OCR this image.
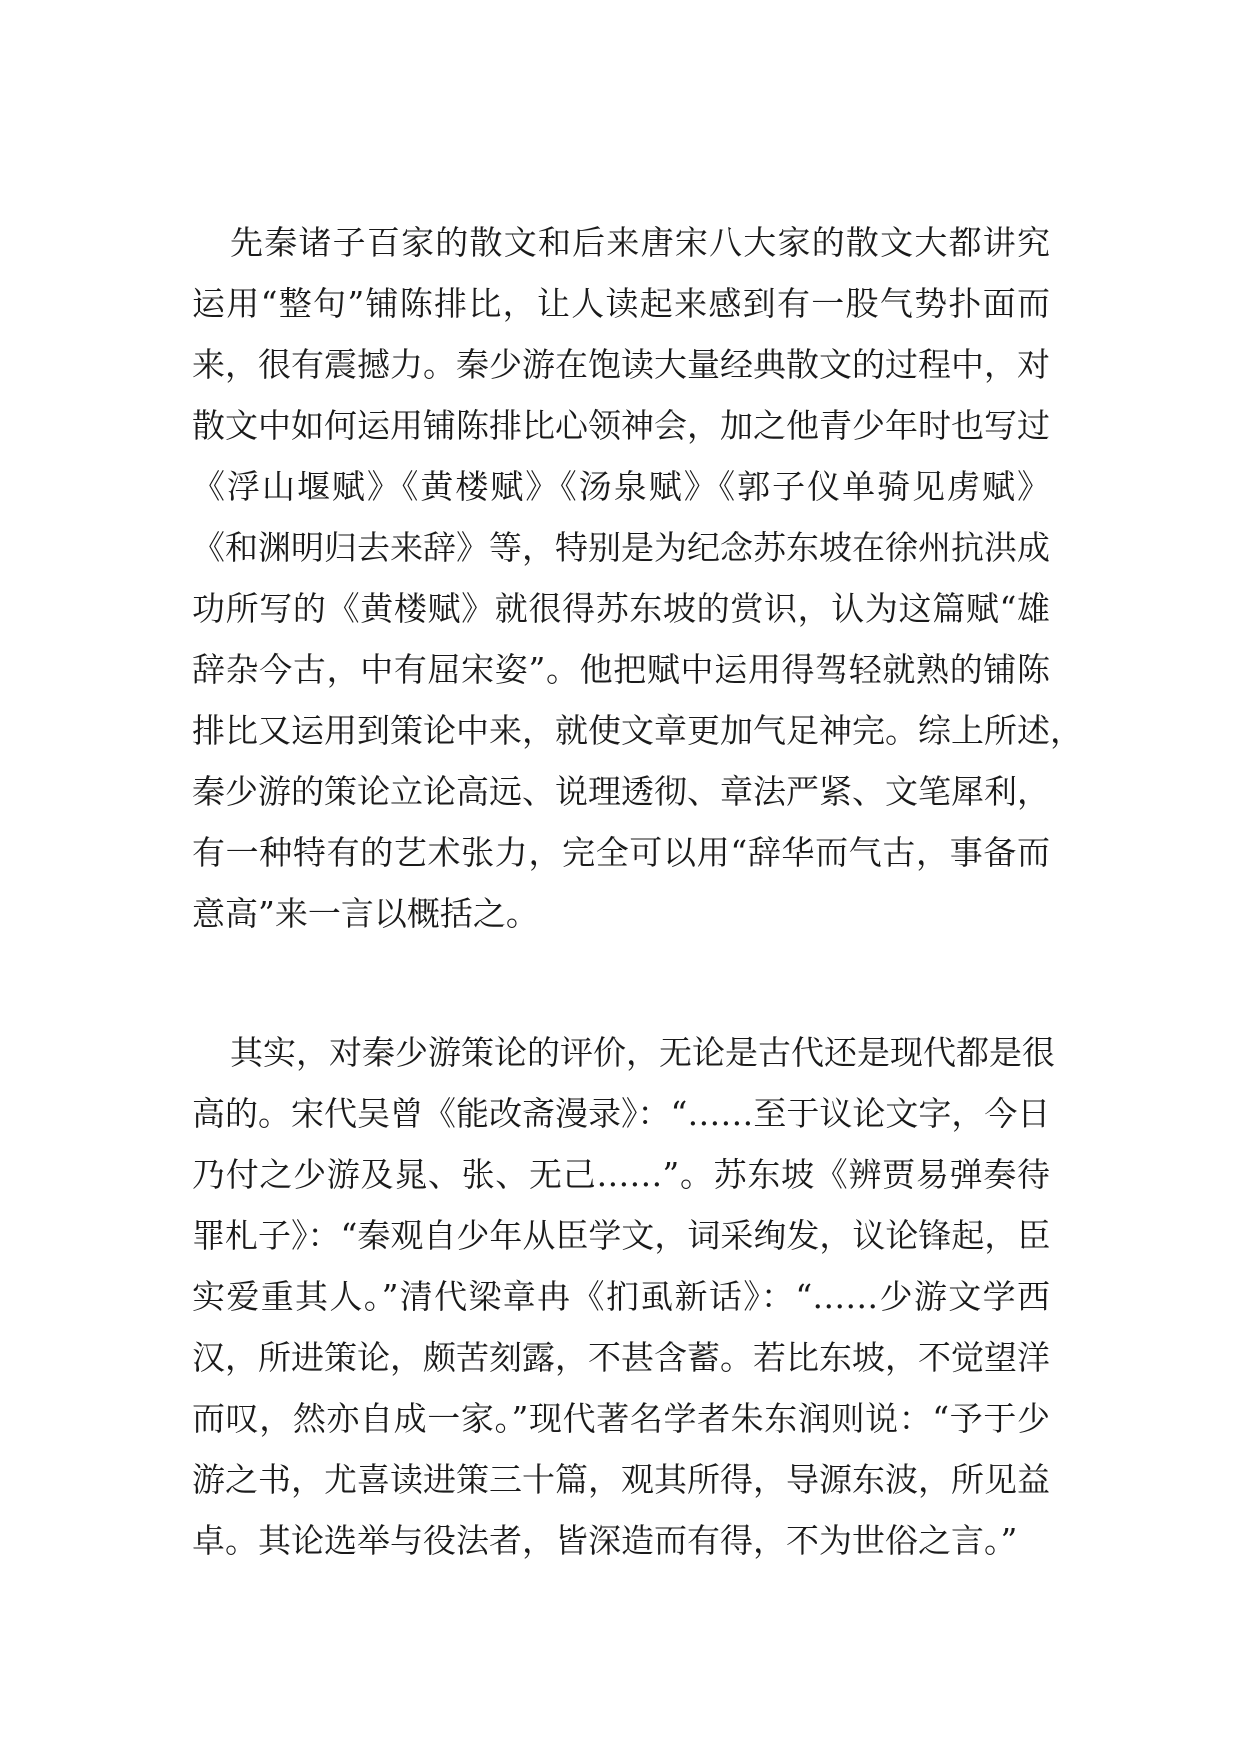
先秦诸子百家的散文和后来唐宋八大家的散文大都讲究
运用“整句”铺陈排比，让人读起来感到有一股气势扑面而
来，很有震撼力。秦少游在饱读大量经典散文的过程中，对
散文中如何运用铺陈排比心领神会，加之他青少年时也写过
《浮山堰赋》《黄楼赋》《汤泉赋》《郭子仪单骑见虏赋》
《和渊明归去来辞》等，特别是为纪念苏东坡在徐州抗洪成
功所写的《黄楼赋》就很得苏东坡的赏识，认为这篇赋“雄
辞杂今古，中有屈宋姿”。他把赋中运用得驾轻就熟的铺陈
排比又运用到策论中来，就使文章更加气足神完。综上所述，
秦少游的策论立论高远、说理透彻、章法严紧、文笔犀利，
有一种特有的艺术张力，完全可以用“辞华而气古，事备而
意高”来一言以概括之。
其实，对秦少游策论的评价，无论是古代还是现代都是很
高的。宋代吴曾《能改斋漫录》：“……至于议论文字，今日
乃付之少游及晁、张、无己……”。苏东坡《辨贾易弹奏待
罪札子》：“秦观自少年从臣学文，词采绚发，议论锋起，臣
实爱重其人。”清代梁章冉《扪虱新话》：“……少游文学西
汉，所进策论，颇苦刻露，不甚含蓄。若比东坡，不觉望洋
而叹，然亦自成一家。”现代著名学者朱东润则说：“予于少
游之书，尤喜读进策三十篇，观其所得，导源东波，所见益
卓。其论选举与役法者，皆深造而有得，不为世俗之言。”
